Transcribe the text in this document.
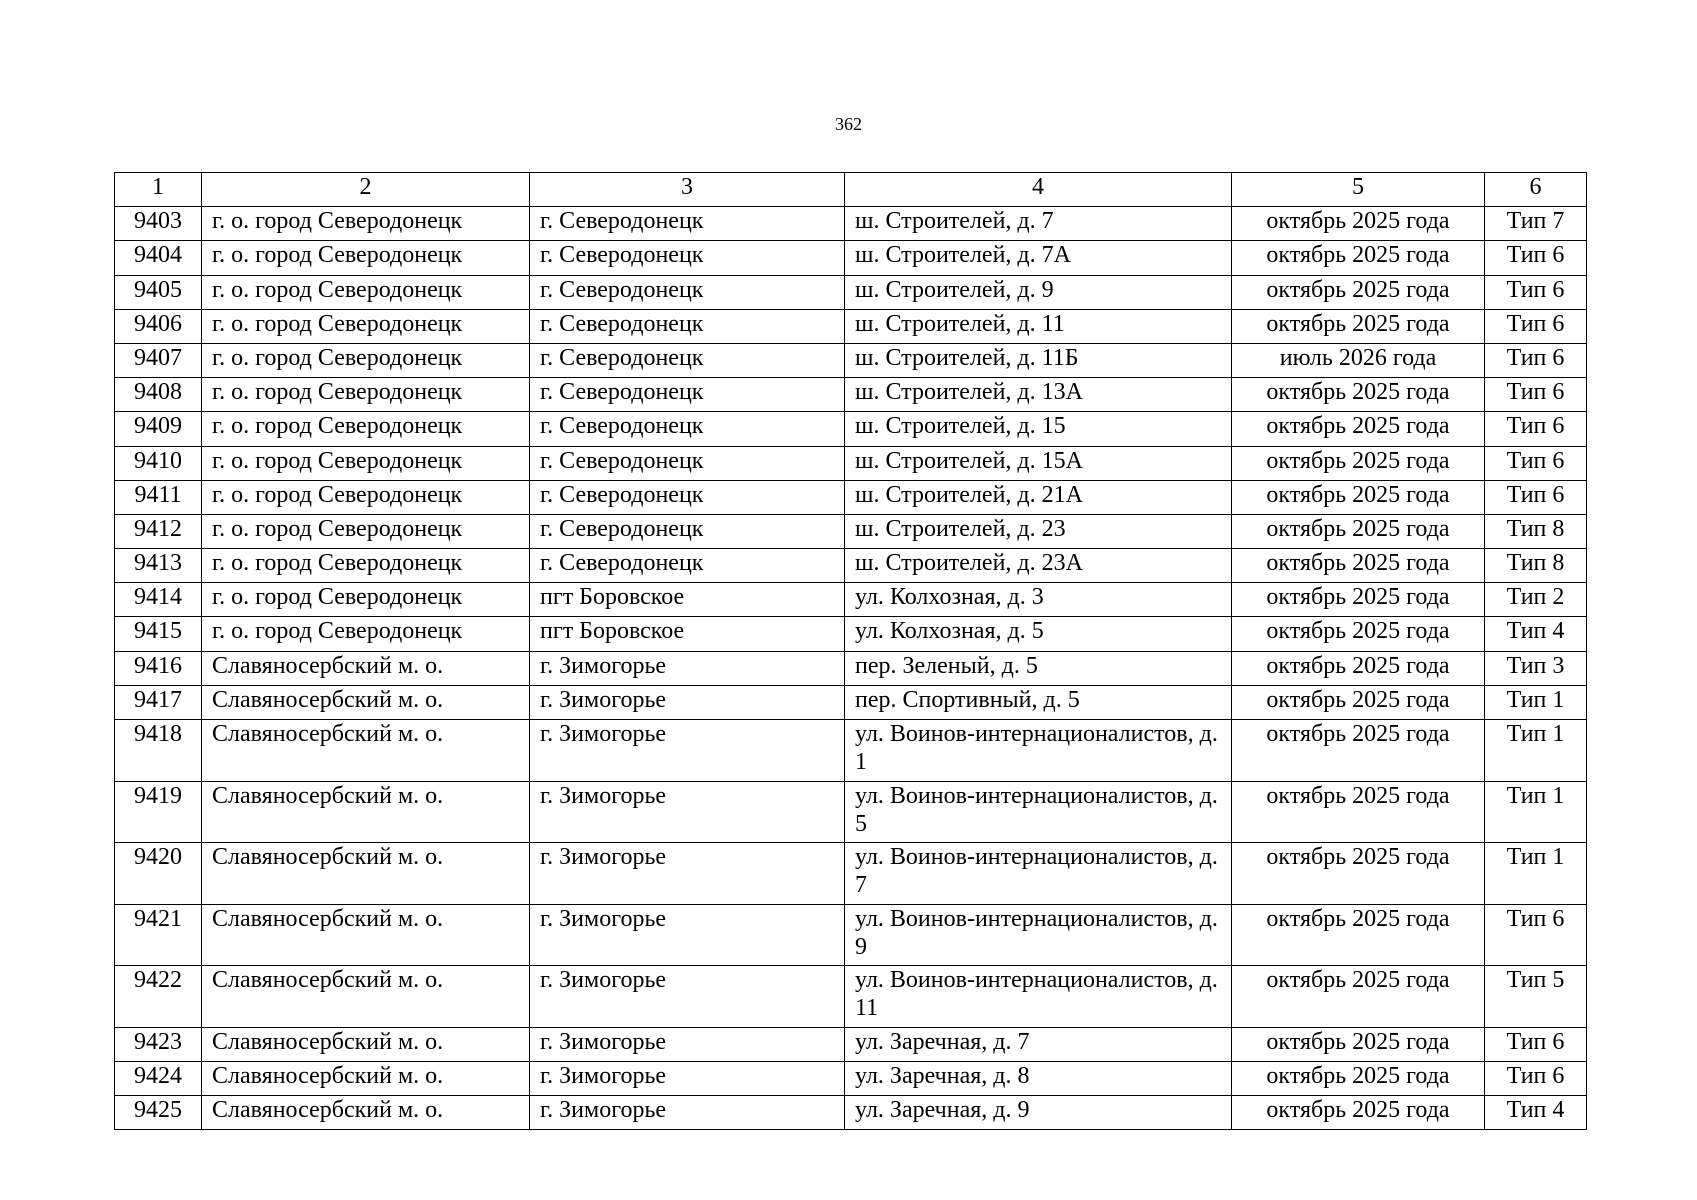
362
1	2	3	4	5	6
9403	г. о. город Северодонецк	г. Северодонецк	ш. Строителей, д. 7	октябрь 2025 года	Тип 7
9404	г. о. город Северодонецк	г. Северодонецк	ш. Строителей, д. 7А	октябрь 2025 года	Тип 6
9405	г. о. город Северодонецк	г. Северодонецк	ш. Строителей, д. 9	октябрь 2025 года	Тип 6
9406	г. о. город Северодонецк	г. Северодонецк	ш. Строителей, д. 11	октябрь 2025 года	Тип 6
9407	г. о. город Северодонецк	г. Северодонецк	ш. Строителей, д. 11Б	июль 2026 года	Тип 6
9408	г. о. город Северодонецк	г. Северодонецк	ш. Строителей, д. 13А	октябрь 2025 года	Тип 6
9409	г. о. город Северодонецк	г. Северодонецк	ш. Строителей, д. 15	октябрь 2025 года	Тип 6
9410	г. о. город Северодонецк	г. Северодонецк	ш. Строителей, д. 15А	октябрь 2025 года	Тип 6
9411	г. о. город Северодонецк	г. Северодонецк	ш. Строителей, д. 21А	октябрь 2025 года	Тип 6
9412	г. о. город Северодонецк	г. Северодонецк	ш. Строителей, д. 23	октябрь 2025 года	Тип 8
9413	г. о. город Северодонецк	г. Северодонецк	ш. Строителей, д. 23А	октябрь 2025 года	Тип 8
9414	г. о. город Северодонецк	пгт Боровское	ул. Колхозная, д. 3	октябрь 2025 года	Тип 2
9415	г. о. город Северодонецк	пгт Боровское	ул. Колхозная, д. 5	октябрь 2025 года	Тип 4
9416	Славяносербский м. о.	г. Зимогорье	пер. Зеленый, д. 5	октябрь 2025 года	Тип 3
9417	Славяносербский м. о.	г. Зимогорье	пер. Спортивный, д. 5	октябрь 2025 года	Тип 1
9418	Славяносербский м. о.	г. Зимогорье	ул. Воинов-интернационалистов, д. 1	октябрь 2025 года	Тип 1
9419	Славяносербский м. о.	г. Зимогорье	ул. Воинов-интернационалистов, д. 5	октябрь 2025 года	Тип 1
9420	Славяносербский м. о.	г. Зимогорье	ул. Воинов-интернационалистов, д. 7	октябрь 2025 года	Тип 1
9421	Славяносербский м. о.	г. Зимогорье	ул. Воинов-интернационалистов, д. 9	октябрь 2025 года	Тип 6
9422	Славяносербский м. о.	г. Зимогорье	ул. Воинов-интернационалистов, д. 11	октябрь 2025 года	Тип 5
9423	Славяносербский м. о.	г. Зимогорье	ул. Заречная, д. 7	октябрь 2025 года	Тип 6
9424	Славяносербский м. о.	г. Зимогорье	ул. Заречная, д. 8	октябрь 2025 года	Тип 6
9425	Славяносербский м. о.	г. Зимогорье	ул. Заречная, д. 9	октябрь 2025 года	Тип 4
